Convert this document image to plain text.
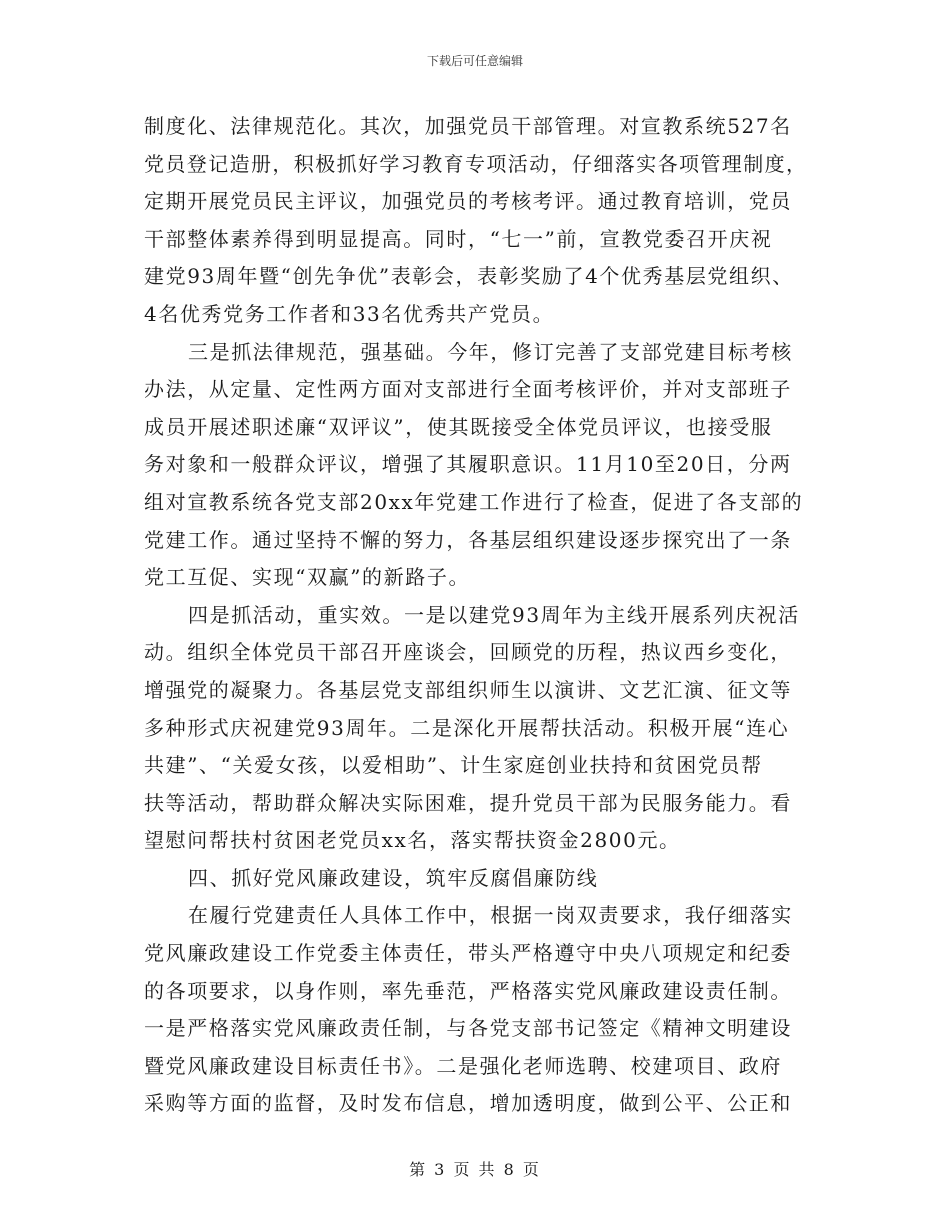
下载后可任意编辑
制度化、法律规范化。其次，加强党员干部管理。对宣教系统527名
党员登记造册，积极抓好学习教育专项活动，仔细落实各项管理制度，
定期开展党员民主评议，加强党员的考核考评。通过教育培训，党员
干部整体素养得到明显提高。同时，“七一”前，宣教党委召开庆祝
建党93周年暨“创先争优”表彰会，表彰奖励了4个优秀基层党组织、
4名优秀党务工作者和33名优秀共产党员。
三是抓法律规范，强基础。今年，修订完善了支部党建目标考核
办法，从定量、定性两方面对支部进行全面考核评价，并对支部班子
成员开展述职述廉“双评议”，使其既接受全体党员评议，也接受服
务对象和一般群众评议，增强了其履职意识。11月10至20日，分两
组对宣教系统各党支部20xx年党建工作进行了检查，促进了各支部的
党建工作。通过坚持不懈的努力，各基层组织建设逐步探究出了一条
党工互促、实现“双赢”的新路子。
四是抓活动，重实效。一是以建党93周年为主线开展系列庆祝活
动。组织全体党员干部召开座谈会，回顾党的历程，热议西乡变化，
增强党的凝聚力。各基层党支部组织师生以演讲、文艺汇演、征文等
多种形式庆祝建党93周年。二是深化开展帮扶活动。积极开展“连心
共建”、“关爱女孩，以爱相助”、计生家庭创业扶持和贫困党员帮
扶等活动，帮助群众解决实际困难，提升党员干部为民服务能力。看
望慰问帮扶村贫困老党员xx名，落实帮扶资金2800元。
四、抓好党风廉政建设，筑牢反腐倡廉防线
在履行党建责任人具体工作中，根据一岗双责要求，我仔细落实
党风廉政建设工作党委主体责任，带头严格遵守中央八项规定和纪委
的各项要求，以身作则，率先垂范，严格落实党风廉政建设责任制。
一是严格落实党风廉政责任制，与各党支部书记签定《精神文明建设
暨党风廉政建设目标责任书》。二是强化老师选聘、校建项目、政府
采购等方面的监督，及时发布信息，增加透明度，做到公平、公正和
第 3 页 共 8 页
